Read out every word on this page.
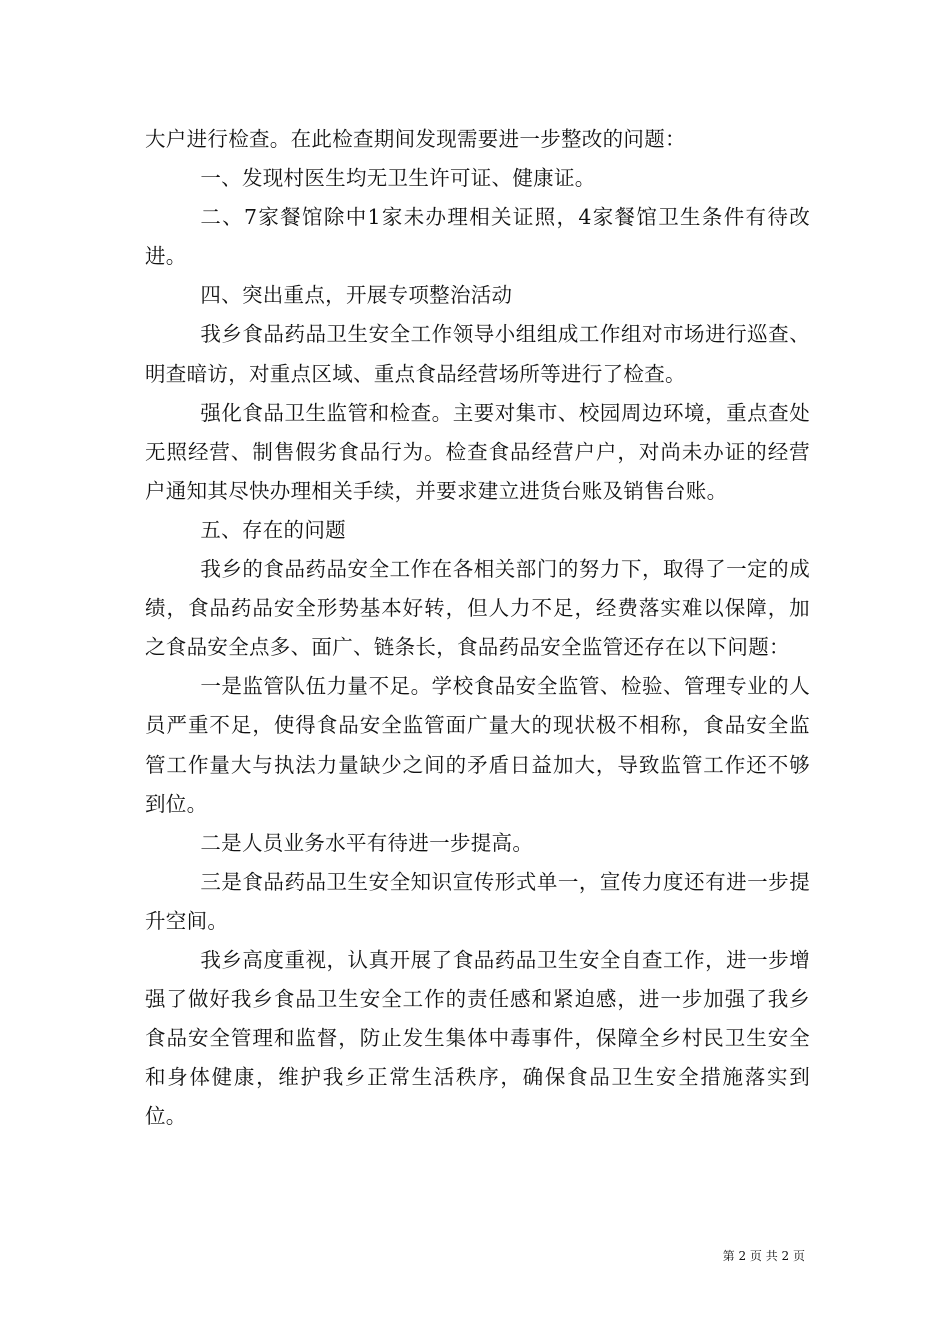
大户进行检查。在此检查期间发现需要进一步整改的问题：

一、发现村医生均无卫生许可证、健康证。

二、7家餐馆除中1家未办理相关证照，4家餐馆卫生条件有待改进。

四、突出重点，开展专项整治活动

我乡食品药品卫生安全工作领导小组组成工作组对市场进行巡查、明查暗访，对重点区域、重点食品经营场所等进行了检查。

强化食品卫生监管和检查。主要对集市、校园周边环境，重点查处无照经营、制售假劣食品行为。检查食品经营户户，对尚未办证的经营户通知其尽快办理相关手续，并要求建立进货台账及销售台账。

五、存在的问题

我乡的食品药品安全工作在各相关部门的努力下，取得了一定的成绩，食品药品安全形势基本好转，但人力不足，经费落实难以保障，加之食品安全点多、面广、链条长，食品药品安全监管还存在以下问题：

一是监管队伍力量不足。学校食品安全监管、检验、管理专业的人员严重不足，使得食品安全监管面广量大的现状极不相称，食品安全监管工作量大与执法力量缺少之间的矛盾日益加大，导致监管工作还不够到位。

二是人员业务水平有待进一步提高。

三是食品药品卫生安全知识宣传形式单一，宣传力度还有进一步提升空间。

我乡高度重视，认真开展了食品药品卫生安全自查工作，进一步增强了做好我乡食品卫生安全工作的责任感和紧迫感，进一步加强了我乡食品安全管理和监督，防止发生集体中毒事件，保障全乡村民卫生安全和身体健康，维护我乡正常生活秩序，确保食品卫生安全措施落实到位。

第 2 页 共 2 页
